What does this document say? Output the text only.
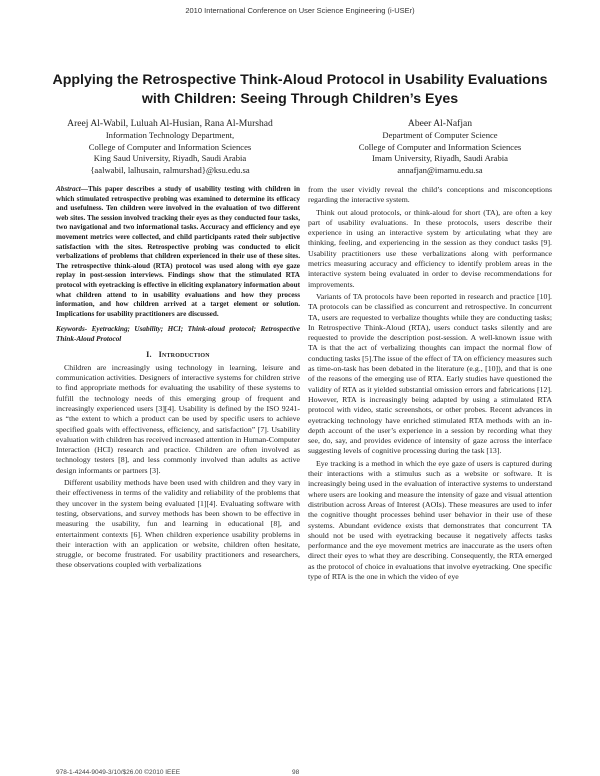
2010 International Conference on User Science Engineering (i-USEr)
Applying the Retrospective Think-Aloud Protocol in Usability Evaluations with Children: Seeing Through Children’s Eyes
Areej Al-Wabil, Luluah Al-Husian, Rana Al-Murshad
Information Technology Department,
College of Computer and Information Sciences
King Saud University, Riyadh, Saudi Arabia
{aalwabil, lalhusain, ralmurshad}@ksu.edu.sa
Abeer Al-Nafjan
Department of Computer Science
College of Computer and Information Sciences
Imam University, Riyadh, Saudi Arabia
annafjan@imamu.edu.sa

Abstract—This paper describes a study of usability testing with children in which stimulated retrospective probing was examined to determine its efficacy and usefulness. Ten children were involved in the evaluation of two different web sites. The session involved tracking their eyes as they conducted four tasks, two navigational and two informational tasks. Accuracy and efficiency and eye movement metrics were collected, and child participants rated their subjective satisfaction with the sites. Retrospective probing was conducted to elicit verbalizations of problems that children experienced in their use of these sites. The retrospective think-aloud (RTA) protocol was used along with eye gaze replay in post-session interviews. Findings show that the stimulated RTA protocol with eyetracking is effective in eliciting explanatory information about what children attend to in usability evaluations and how they process information, and how children arrived at a target element or solution. Implications for usability practitioners are discussed.

Keywords- Eyetracking; Usability; HCI; Think-aloud protocol; Retrospective Think-Aloud Protocol

I. Introduction

Children are increasingly using technology in learning, leisure and communication activities. Designers of interactive systems for children strive to find appropriate methods for evaluating the usability of these systems to fulfill the technology needs of this emerging group of frequent and increasingly experienced users [3][4]. Usability is defined by the ISO 9241- as “the extent to which a product can be used by specific users to achieve specified goals with effectiveness, efficiency, and satisfaction” [7]. Usability evaluation with children has received increased attention in Human-Computer Interaction (HCI) research and practice. Children are often involved as technology testers [8], and less commonly involved than adults as active design informants or partners [3].

Different usability methods have been used with children and they vary in their effectiveness in terms of the validity and reliability of the problems that they uncover in the system being evaluated [1][4]. Evaluating software with testing, observations, and survey methods has been shown to be effective in measuring the usability, fun and learning in educational [8], and entertainment contexts [6]. When children experience usability problems in their interaction with an application or website, children often hesitate, struggle, or become frustrated. For usability practitioners and researchers, these observations coupled with verbalizations

from the user vividly reveal the child’s conceptions and misconceptions regarding the interactive system.

Think out aloud protocols, or think-aloud for short (TA), are often a key part of usability evaluations. In these protocols, users describe their experience in using an interactive system by articulating what they are thinking, feeling, and experiencing in the session as they conduct tasks [9]. Usability practitioners use these verbalizations along with performance metrics measuring accuracy and efficiency to identify problem areas in the interactive system being evaluated in order to devise recommendations for improvements.

Variants of TA protocols have been reported in research and practice [10]. TA protocols can be classified as concurrent and retrospective. In concurrent TA, users are requested to verbalize thoughts while they are conducting tasks; In Retrospective Think-Aloud (RTA), users conduct tasks silently and are requested to provide the description post-session. A well-known issue with TA is that the act of verbalizing thoughts can impact the normal flow of conducting tasks [5].The issue of the effect of TA on efficiency measures such as time-on-task has been debated in the literature (e.g., [10]), and that is one of the reasons of the emerging use of RTA. Early studies have questioned the validity of RTA as it yielded substantial omission errors and fabrications [12]. However, RTA is increasingly being adapted by using a stimulated RTA protocol with video, static screenshots, or other probes. Recent advances in eyetracking technology have enriched stimulated RTA methods with an in-depth account of the user’s experience in a session by recording what they see, do, say, and provides evidence of intensity of gaze across the interface suggesting levels of cognitive processing during the task [13].

Eye tracking is a method in which the eye gaze of users is captured during their interactions with a stimulus such as a website or software. It is increasingly being used in the evaluation of interactive systems to understand where users are looking and measure the intensity of gaze and visual attention distribution across Areas of Interest (AOIs). These measures are used to infer the cognitive thought processes behind user behavior in their use of these systems. Abundant evidence exists that demonstrates that concurrent TA should not be used with eyetracking because it negatively affects tasks performance and the eye movement metrics are inaccurate as the users often direct their eyes to what they are describing. Consequently, the RTA emerged as the protocol of choice in evaluations that involve eyetracking. One specific type of RTA is the one in which the video of eye

978-1-4244-9049-3/10/$26.00 ©2010 IEEE	98
